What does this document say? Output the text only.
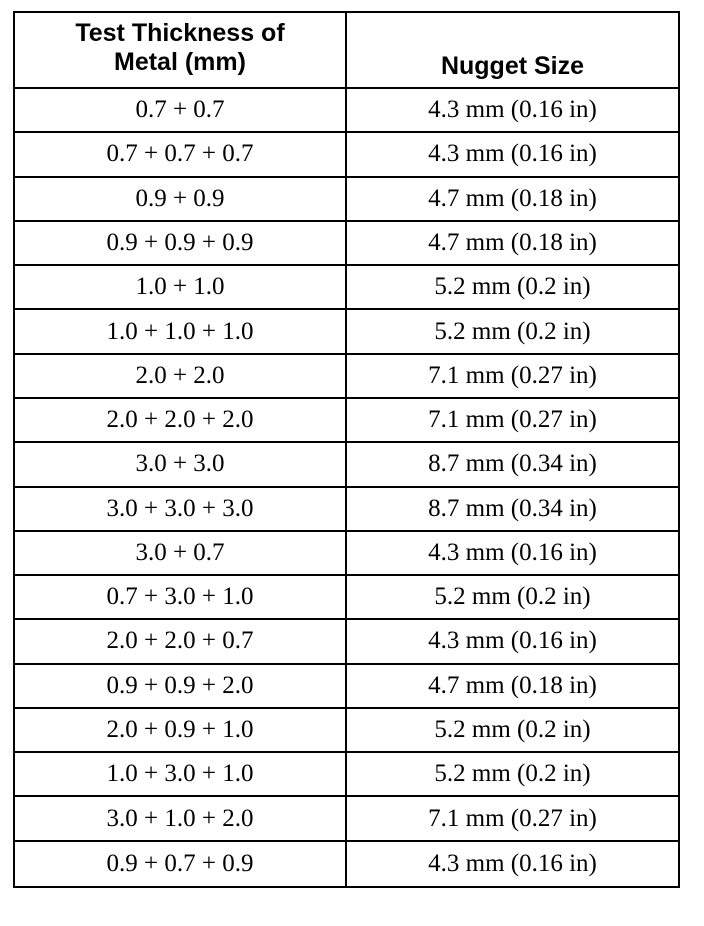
Test Thickness of
Metal (mm)	Nugget Size
0.7 + 0.7	4.3 mm (0.16 in)
0.7 + 0.7 + 0.7	4.3 mm (0.16 in)
0.9 + 0.9	4.7 mm (0.18 in)
0.9 + 0.9 + 0.9	4.7 mm (0.18 in)
1.0 + 1.0	5.2 mm (0.2 in)
1.0 + 1.0 + 1.0	5.2 mm (0.2 in)
2.0 + 2.0	7.1 mm (0.27 in)
2.0 + 2.0 + 2.0	7.1 mm (0.27 in)
3.0 + 3.0	8.7 mm (0.34 in)
3.0 + 3.0 + 3.0	8.7 mm (0.34 in)
3.0 + 0.7	4.3 mm (0.16 in)
0.7 + 3.0 + 1.0	5.2 mm (0.2 in)
2.0 + 2.0 + 0.7	4.3 mm (0.16 in)
0.9 + 0.9 + 2.0	4.7 mm (0.18 in)
2.0 + 0.9 + 1.0	5.2 mm (0.2 in)
1.0 + 3.0 + 1.0	5.2 mm (0.2 in)
3.0 + 1.0 + 2.0	7.1 mm (0.27 in)
0.9 + 0.7 + 0.9	4.3 mm (0.16 in)
